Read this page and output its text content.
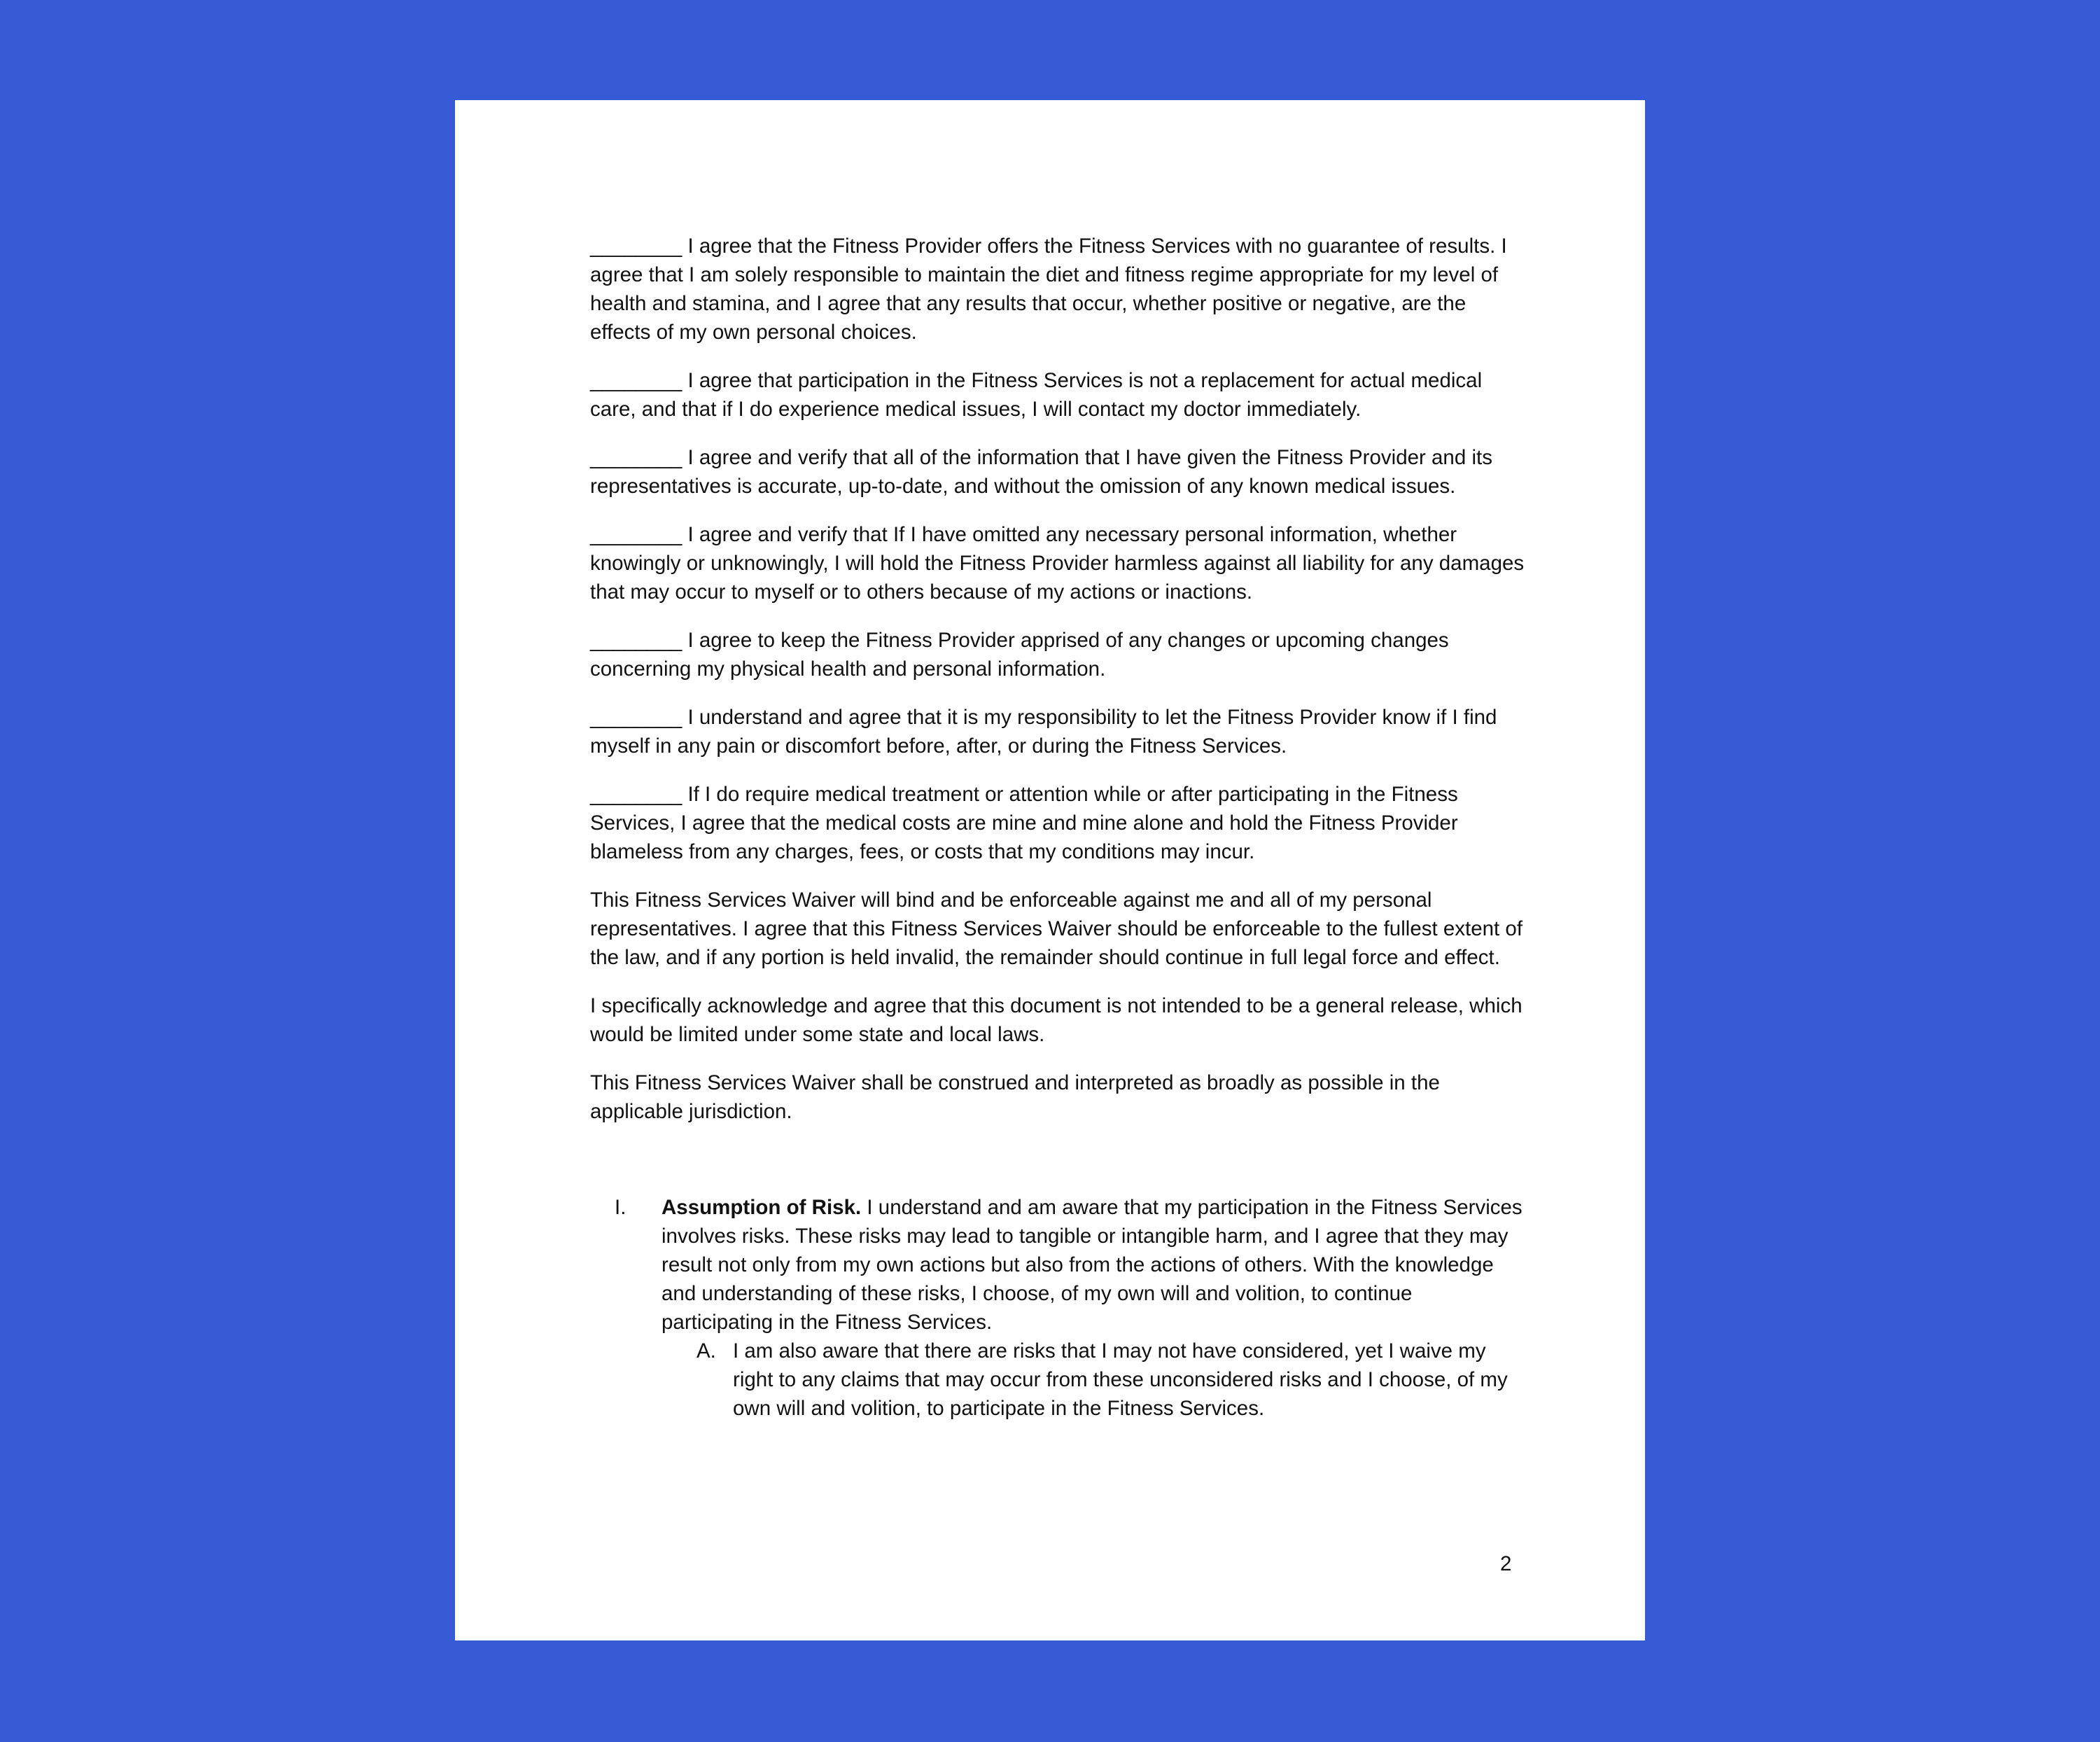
________ I agree that the Fitness Provider offers the Fitness Services with no guarantee of results. I agree that I am solely responsible to maintain the diet and fitness regime appropriate for my level of health and stamina, and I agree that any results that occur, whether positive or negative, are the effects of my own personal choices.

________ I agree that participation in the Fitness Services is not a replacement for actual medical care, and that if I do experience medical issues, I will contact my doctor immediately.

________ I agree and verify that all of the information that I have given the Fitness Provider and its representatives is accurate, up-to-date, and without the omission of any known medical issues.

________ I agree and verify that If I have omitted any necessary personal information, whether knowingly or unknowingly, I will hold the Fitness Provider harmless against all liability for any damages that may occur to myself or to others because of my actions or inactions.

________ I agree to keep the Fitness Provider apprised of any changes or upcoming changes concerning my physical health and personal information.

________ I understand and agree that it is my responsibility to let the Fitness Provider know if I find myself in any pain or discomfort before, after, or during the Fitness Services.

________ If I do require medical treatment or attention while or after participating in the Fitness Services, I agree that the medical costs are mine and mine alone and hold the Fitness Provider blameless from any charges, fees, or costs that my conditions may incur.

This Fitness Services Waiver will bind and be enforceable against me and all of my personal representatives. I agree that this Fitness Services Waiver should be enforceable to the fullest extent of the law, and if any portion is held invalid, the remainder should continue in full legal force and effect.

I specifically acknowledge and agree that this document is not intended to be a general release, which would be limited under some state and local laws.

This Fitness Services Waiver shall be construed and interpreted as broadly as possible in the applicable jurisdiction.

I. Assumption of Risk. I understand and am aware that my participation in the Fitness Services involves risks. These risks may lead to tangible or intangible harm, and I agree that they may result not only from my own actions but also from the actions of others. With the knowledge and understanding of these risks, I choose, of my own will and volition, to continue participating in the Fitness Services.
A. I am also aware that there are risks that I may not have considered, yet I waive my right to any claims that may occur from these unconsidered risks and I choose, of my own will and volition, to participate in the Fitness Services.
2
